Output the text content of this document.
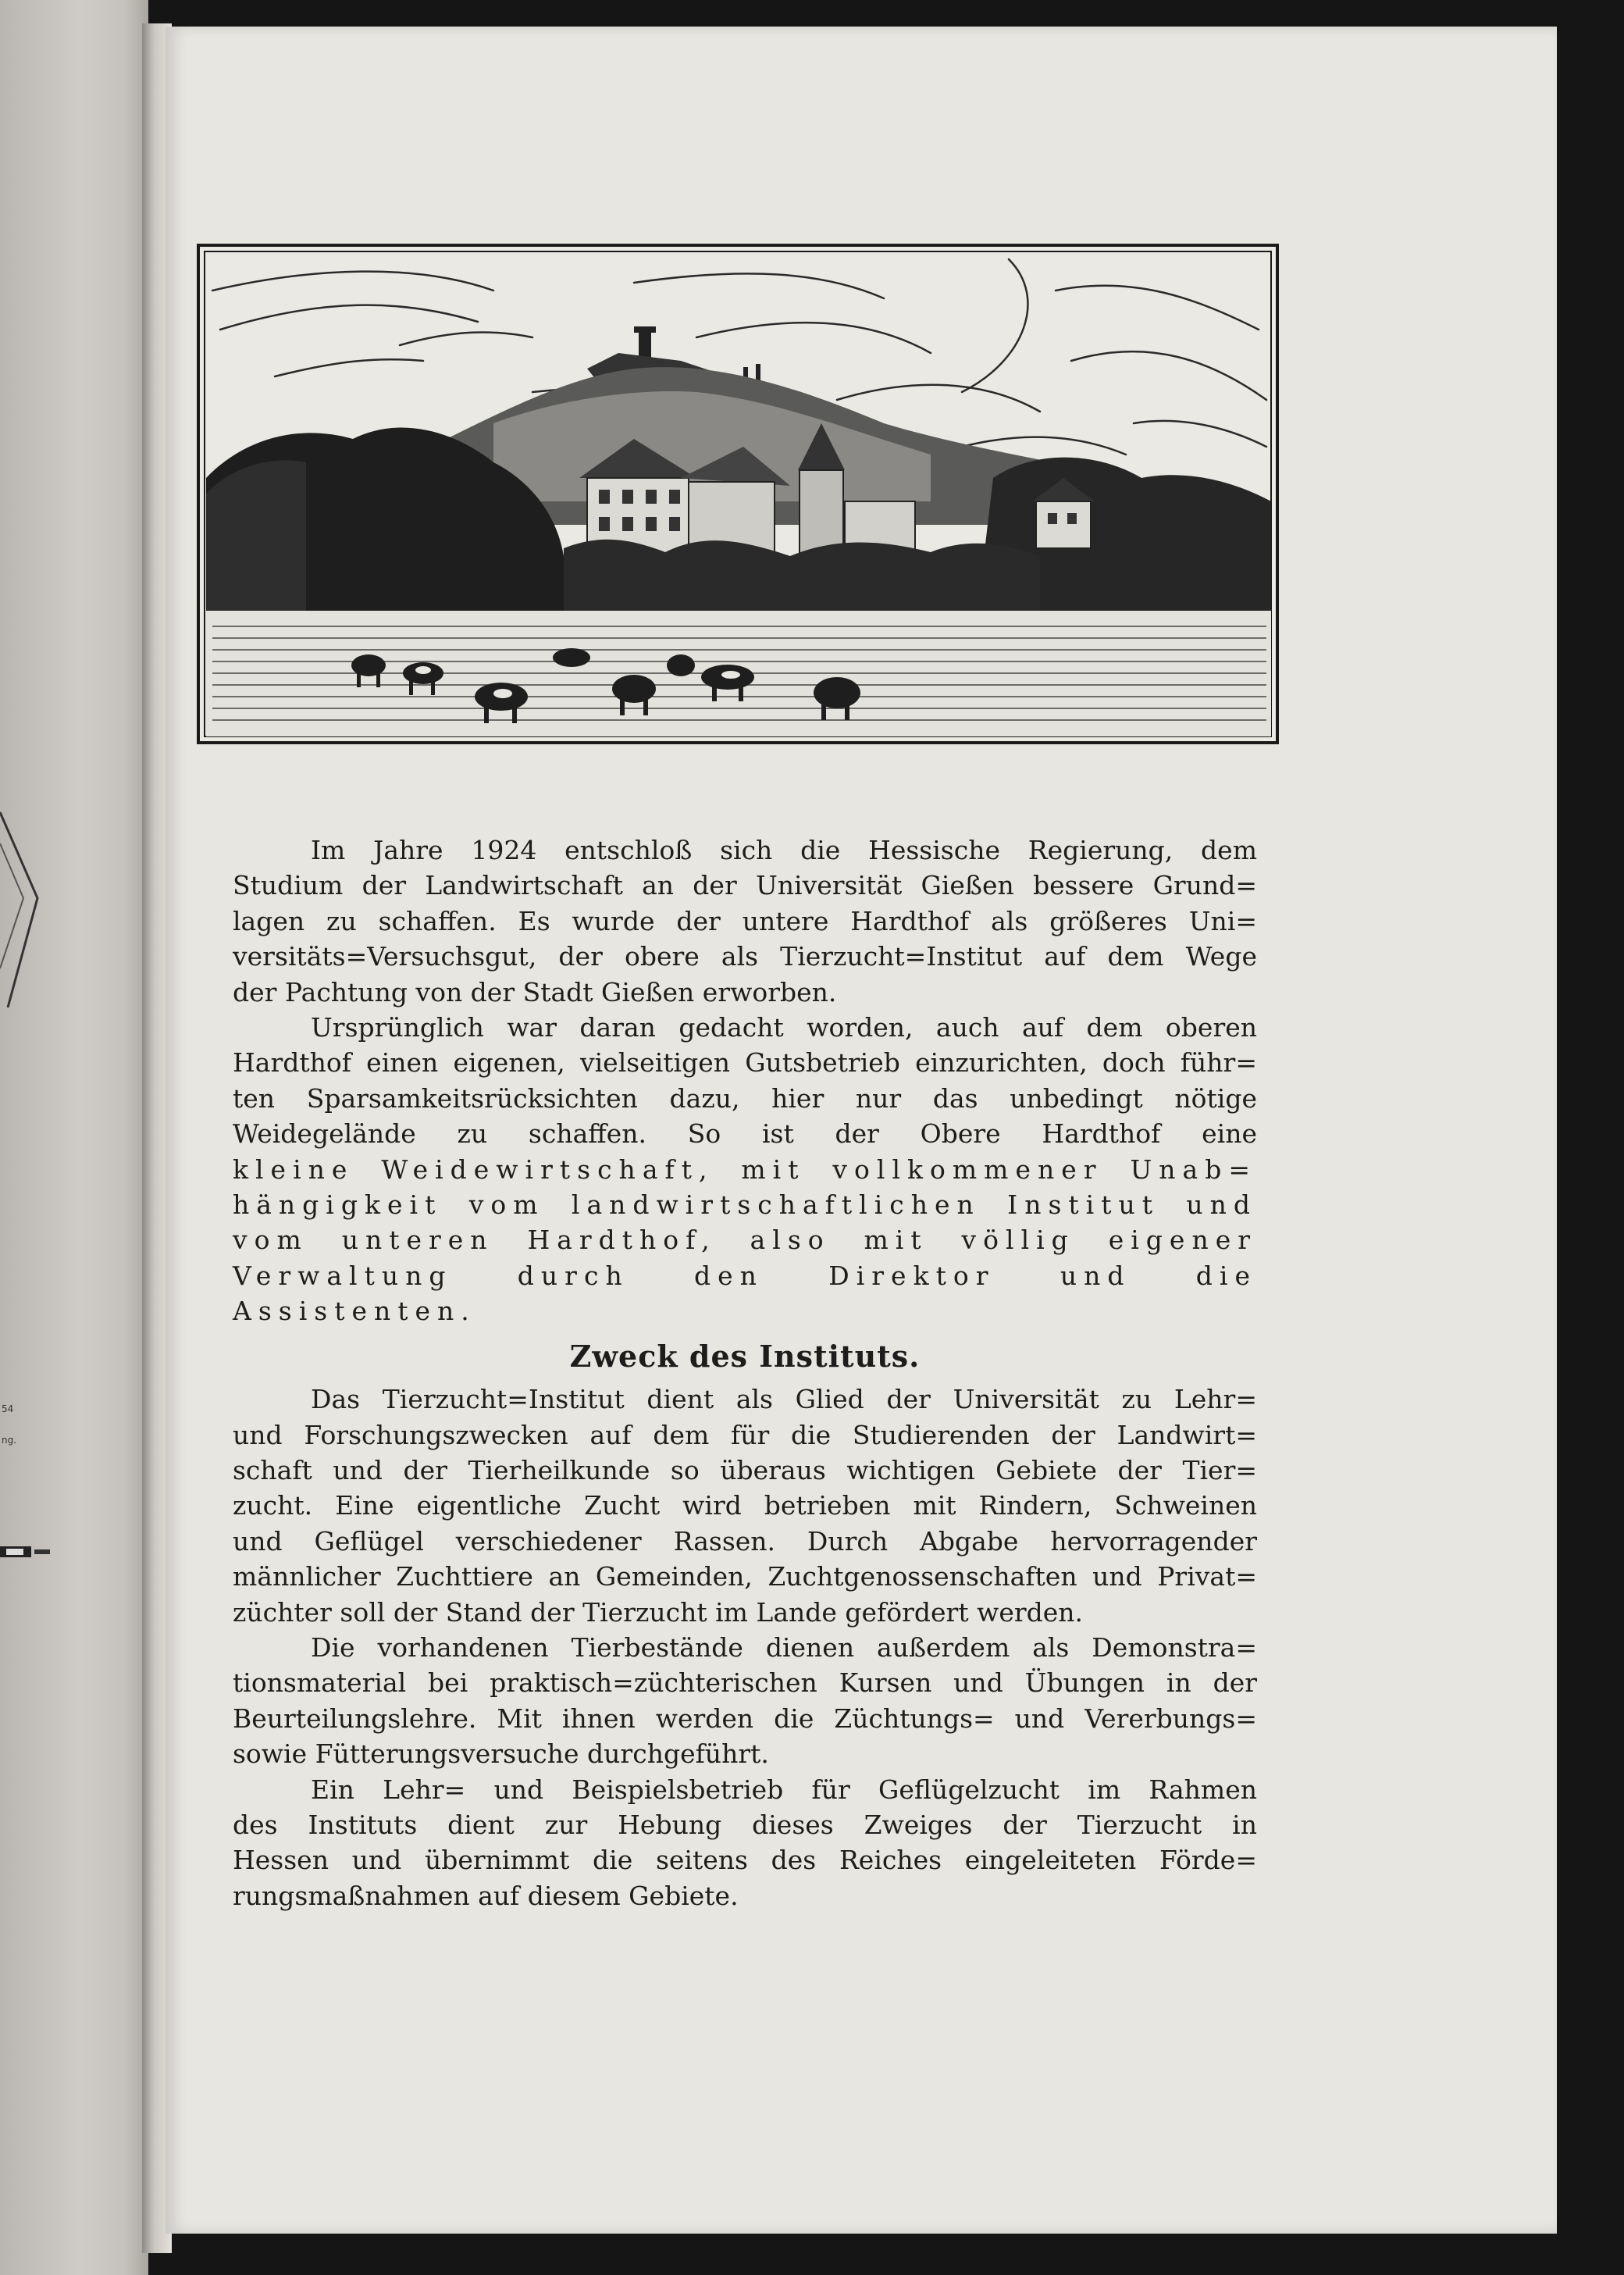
54
ng.
Im Jahre 1924 entschloß sich die Hessische Regierung, dem
Studium der Landwirtschaft an der Universität Gießen bessere Grund=
lagen zu schaffen. Es wurde der untere Hardthof als größeres Uni=
versitäts=Versuchsgut, der obere als Tierzucht=Institut auf dem Wege
der Pachtung von der Stadt Gießen erworben.
Ursprünglich war daran gedacht worden, auch auf dem oberen
Hardthof einen eigenen, vielseitigen Gutsbetrieb einzurichten, doch führ=
ten Sparsamkeitsrücksichten dazu, hier nur das unbedingt nötige
Weidegelände zu schaffen. So ist der Obere Hardthof eine
kleine Weidewirtschaft, mit vollkommener Unab=
hängigkeit vom landwirtschaftlichen Institut und
vom unteren Hardthof, also mit völlig eigener
Verwaltung durch den Direktor und die Assistenten.
Zweck des Instituts.
Das Tierzucht=Institut dient als Glied der Universität zu Lehr=
und Forschungszwecken auf dem für die Studierenden der Landwirt=
schaft und der Tierheilkunde so überaus wichtigen Gebiete der Tier=
zucht. Eine eigentliche Zucht wird betrieben mit Rindern, Schweinen
und Geflügel verschiedener Rassen. Durch Abgabe hervorragender
männlicher Zuchttiere an Gemeinden, Zuchtgenossenschaften und Privat=
züchter soll der Stand der Tierzucht im Lande gefördert werden.
Die vorhandenen Tierbestände dienen außerdem als Demonstra=
tionsmaterial bei praktisch=züchterischen Kursen und Übungen in der
Beurteilungslehre. Mit ihnen werden die Züchtungs= und Vererbungs=
sowie Fütterungsversuche durchgeführt.
Ein Lehr= und Beispielsbetrieb für Geflügelzucht im Rahmen
des Instituts dient zur Hebung dieses Zweiges der Tierzucht in
Hessen und übernimmt die seitens des Reiches eingeleiteten Förde=
rungsmaßnahmen auf diesem Gebiete.
